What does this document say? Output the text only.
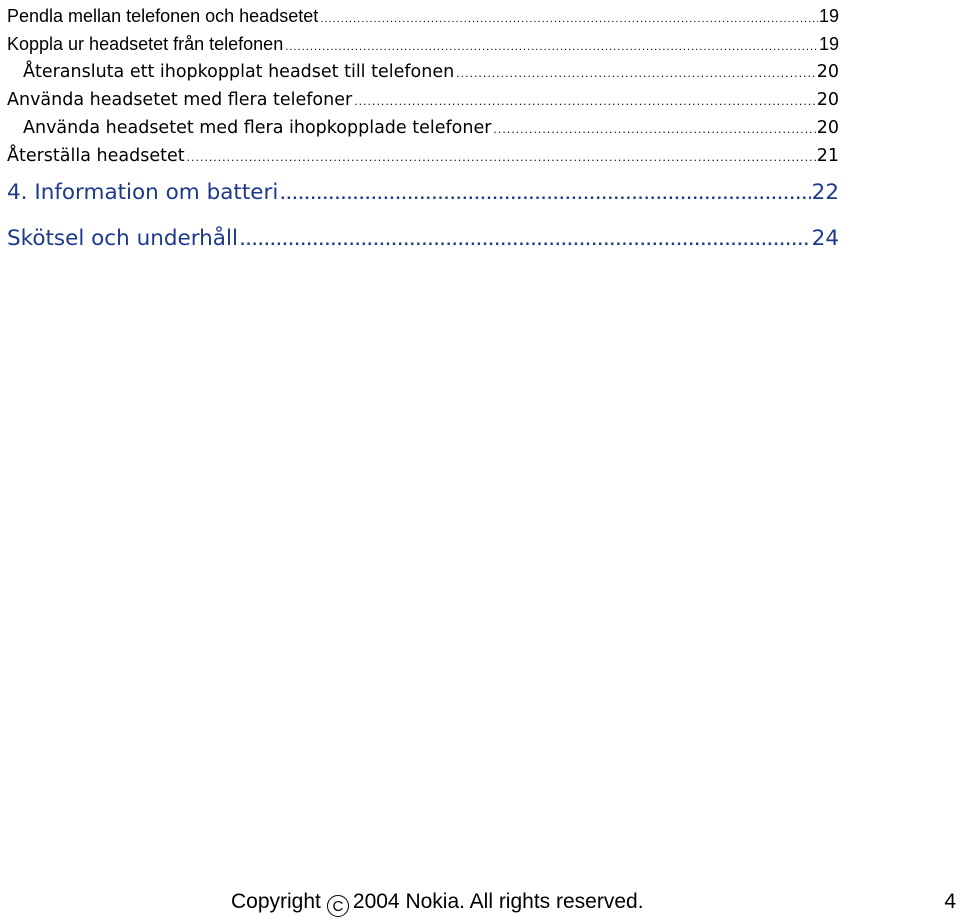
Pendla mellan telefonen och headsetet .....	19
Koppla ur headsetet från telefonen .....	19
Återansluta ett ihopkopplat headset till telefonen .....	20
Använda headsetet med flera telefoner .....	20
Använda headsetet med flera ihopkopplade telefoner .....	20
Återställa headsetet .....	21
4. Information om batteri .....	22
Skötsel och underhåll .....	24
Copyright C 2004 Nokia. All rights reserved.	4
